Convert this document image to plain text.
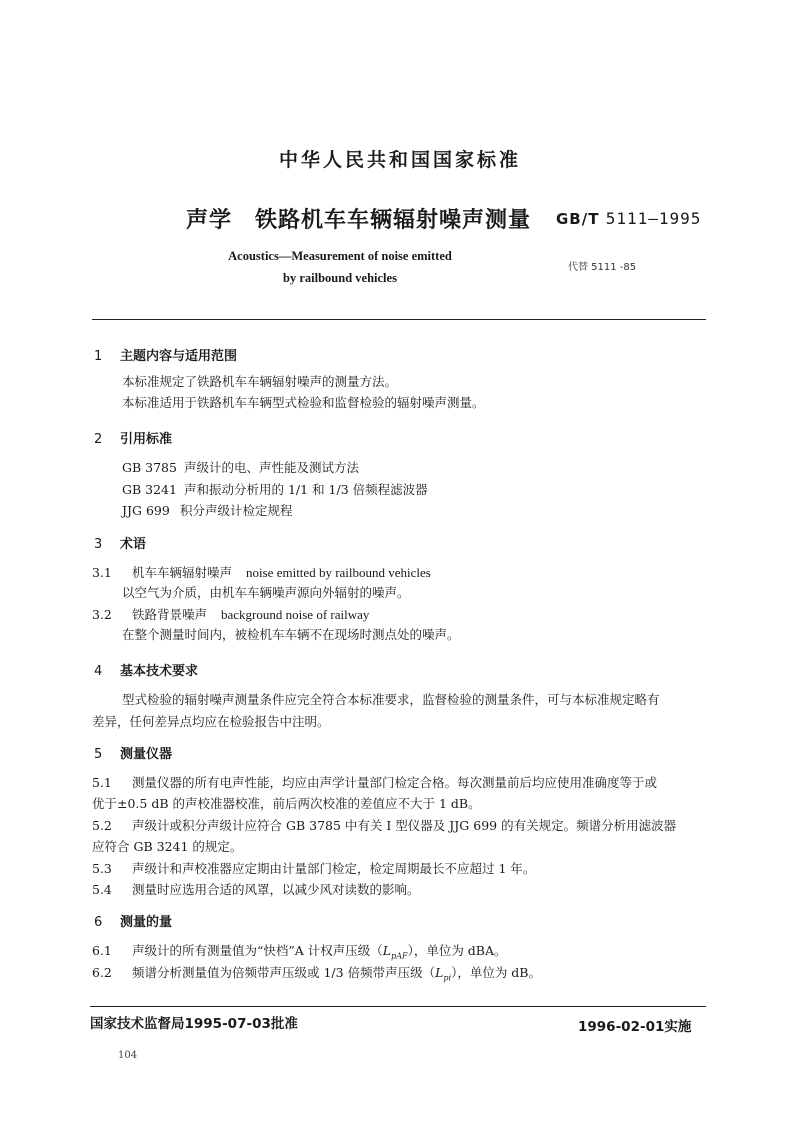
中华人民共和国国家标准
声学　铁路机车车辆辐射噪声测量 GB/T 5111—1995
Acoustics—Measurement of noise emitted
by railbound vehicles
代替 5111 -85
1 主题内容与适用范围
本标准规定了铁路机车车辆辐射噪声的测量方法。
本标准适用于铁路机车车辆型式检验和监督检验的辐射噪声测量。
2 引用标准
GB 3785 声级计的电、声性能及测试方法
GB 3241 声和振动分析用的 1/1 和 1/3 倍频程滤波器
JJG 699 积分声级计检定规程
3 术语
3.1 机车车辆辐射噪声 noise emitted by railbound vehicles
以空气为介质，由机车车辆噪声源向外辐射的噪声。
3.2 铁路背景噪声 background noise of railway
在整个测量时间内，被检机车车辆不在现场时测点处的噪声。
4 基本技术要求
型式检验的辐射噪声测量条件应完全符合本标准要求，监督检验的测量条件，可与本标准规定略有
差异，任何差异点均应在检验报告中注明。
5 测量仪器
5.1 测量仪器的所有电声性能，均应由声学计量部门检定合格。每次测量前后均应使用准确度等于或
优于±0.5 dB 的声校准器校准，前后两次校准的差值应不大于 1 dB。
5.2 声级计或积分声级计应符合 GB 3785 中有关 I 型仪器及 JJG 699 的有关规定。频谱分析用滤波器
应符合 GB 3241 的规定。
5.3 声级计和声校准器应定期由计量部门检定，检定周期最长不应超过 1 年。
5.4 测量时应选用合适的风罩，以减少风对读数的影响。
6 测量的量
6.1 声级计的所有测量值为“快档”A 计权声压级$(L_{pAF})$，单位为 dBA。
6.2 频谱分析测量值为倍频带声压级或 1/3 倍频带声压级$(L_{pi})$，单位为 dB。
国家技术监督局1995-07-03批准	1996-02-01实施
104
